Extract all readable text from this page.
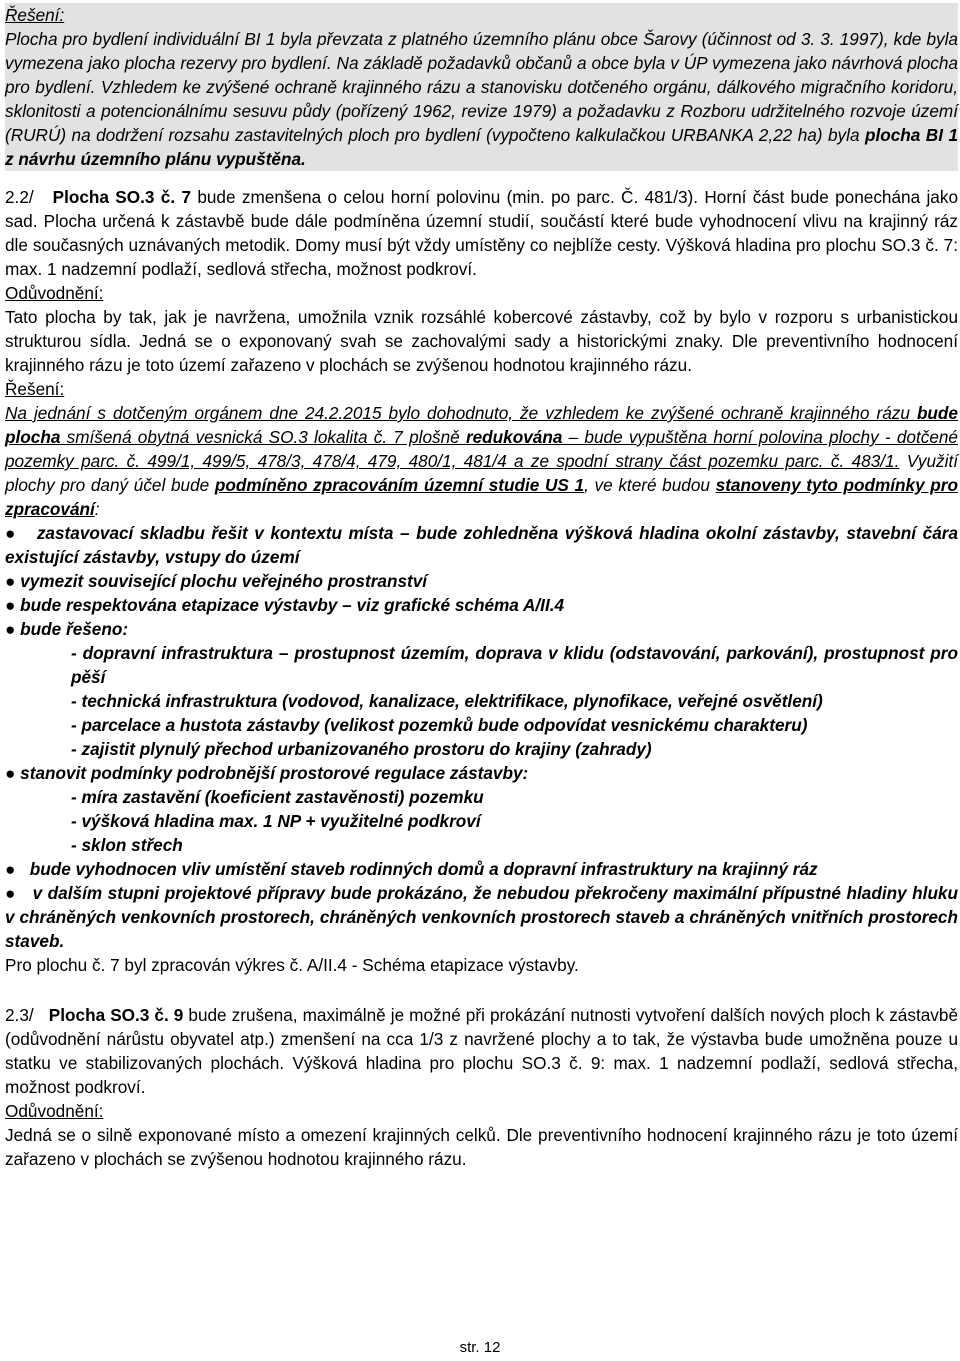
Řešení:

Plocha pro bydlení individuální BI 1 byla převzata z platného územního plánu obce Šarovy (účinnost od 3. 3. 1997), kde byla vymezena jako plocha rezervy pro bydlení. Na základě požadavků občanů a obce byla v ÚP vymezena jako návrhová plocha pro bydlení. Vzhledem ke zvýšené ochraně krajinného rázu a stanovisku dotčeného orgánu, dálkového migračního koridoru, sklonitosti a potencionálnímu sesuvu půdy (pořízený 1962, revize 1979) a požadavku z Rozboru udržitelného rozvoje území (RURÚ) na dodržení rozsahu zastavitelných ploch pro bydlení (vypočteno kalkulačkou URBANKA 2,22 ha) byla plocha BI 1 z návrhu územního plánu vypuštěna.

2.2/ Plocha SO.3 č. 7 bude zmenšena o celou horní polovinu (min. po parc. Č. 481/3). Horní část bude ponechána jako sad. Plocha určená k zástavbě bude dále podmíněna územní studií, součástí které bude vyhodnocení vlivu na krajinný ráz dle současných uznávaných metodik. Domy musí být vždy umístěny co nejblíže cesty. Výšková hladina pro plochu SO.3 č. 7: max. 1 nadzemní podlaží, sedlová střecha, možnost podkroví.

Odůvodnění:

Tato plocha by tak, jak je navržena, umožnila vznik rozsáhlé kobercové zástavby, což by bylo v rozporu s urbanistickou strukturou sídla. Jedná se o exponovaný svah se zachovalými sady a historickými znaky. Dle preventivního hodnocení krajinného rázu je toto území zařazeno v plochách se zvýšenou hodnotou krajinného rázu.

Řešení:

Na jednání s dotčeným orgánem dne 24.2.2015 bylo dohodnuto, že vzhledem ke zvýšené ochraně krajinného rázu bude plocha smíšená obytná vesnická SO.3 lokalita č. 7 plošně redukována – bude vypuštěna horní polovina plochy - dotčené pozemky parc. č. 499/1, 499/5, 478/3, 478/4, 479, 480/1, 481/4 a ze spodní strany část pozemku parc. č. 483/1. Využití plochy pro daný účel bude podmíněno zpracováním územní studie US 1, ve které budou stanoveny tyto podmínky pro zpracování:

● zastavovací skladbu řešit v kontextu místa – bude zohledněna výšková hladina okolní zástavby, stavební čára existující zástavby, vstupy do území

● vymezit související plochu veřejného prostranství

● bude respektována etapizace výstavby – viz grafické schéma A/II.4

● bude řešeno:

- dopravní infrastruktura – prostupnost územím, doprava v klidu (odstavování, parkování), prostupnost pro pěší

- technická infrastruktura (vodovod, kanalizace, elektrifikace, plynofikace, veřejné osvětlení)

- parcelace a hustota zástavby (velikost pozemků bude odpovídat vesnickému charakteru)

- zajistit plynulý přechod urbanizovaného prostoru do krajiny (zahrady)

● stanovit podmínky podrobnější prostorové regulace zástavby:

- míra zastavění (koeficient zastavěnosti) pozemku

- výšková hladina max. 1 NP + využitelné podkroví

- sklon střech

● bude vyhodnocen vliv umístění staveb rodinných domů a dopravní infrastruktury na krajinný ráz

● v dalším stupni projektové přípravy bude prokázáno, že nebudou překročeny maximální přípustné hladiny hluku v chráněných venkovních prostorech, chráněných venkovních prostorech staveb a chráněných vnitřních prostorech staveb.

Pro plochu č. 7 byl zpracován výkres č. A/II.4 - Schéma etapizace výstavby.

2.3/ Plocha SO.3 č. 9 bude zrušena, maximálně je možné při prokázání nutnosti vytvoření dalších nových ploch k zástavbě (odůvodnění nárůstu obyvatel atp.) zmenšení na cca 1/3 z navržené plochy a to tak, že výstavba bude umožněna pouze u statku ve stabilizovaných plochách. Výšková hladina pro plochu SO.3 č. 9: max. 1 nadzemní podlaží, sedlová střecha, možnost podkroví.

Odůvodnění:

Jedná se o silně exponované místo a omezení krajinných celků. Dle preventivního hodnocení krajinného rázu je toto území zařazeno v plochách se zvýšenou hodnotou krajinného rázu.

str. 12
